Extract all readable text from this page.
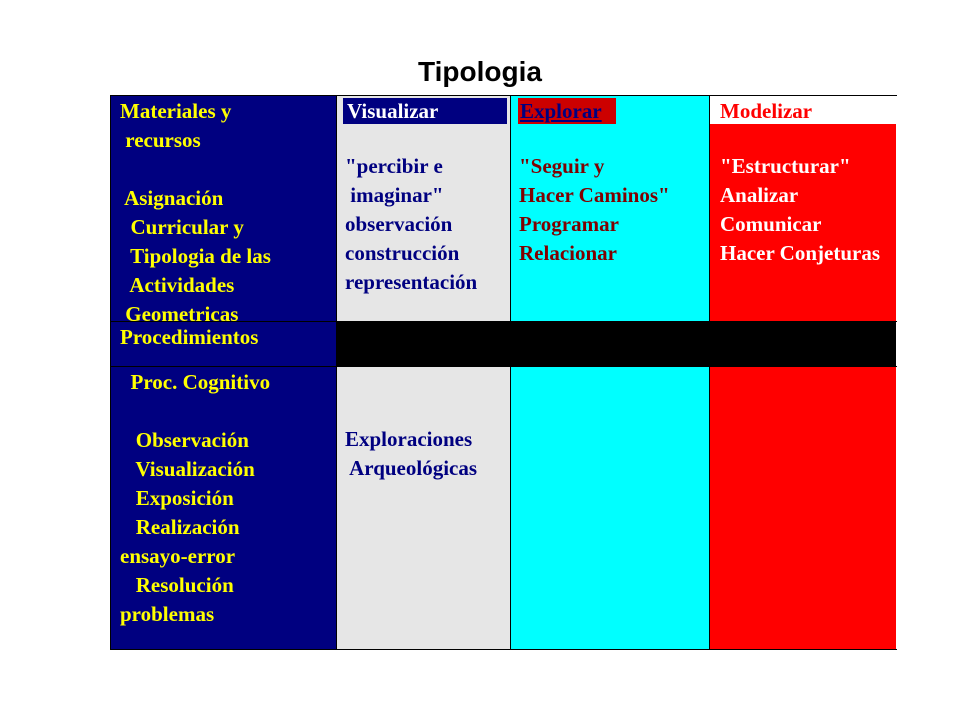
Tipologia
Visualizar	Explorar	Modelizar
Materiales y
recursos
Asignación
Curricular y
Tipologia de las
Actividades
Geometricas
Procedimientos
Proc. Cognitivo
Observación
Visualización
Exposición
Realización
ensayo-error
Resolución
problemas
"percibir e
imaginar"
observación
construcción
representación
Exploraciones
Arqueológicas
"Seguir y
Hacer Caminos"
Programar
Relacionar
"Estructurar"
Analizar
Comunicar
Hacer Conjeturas
